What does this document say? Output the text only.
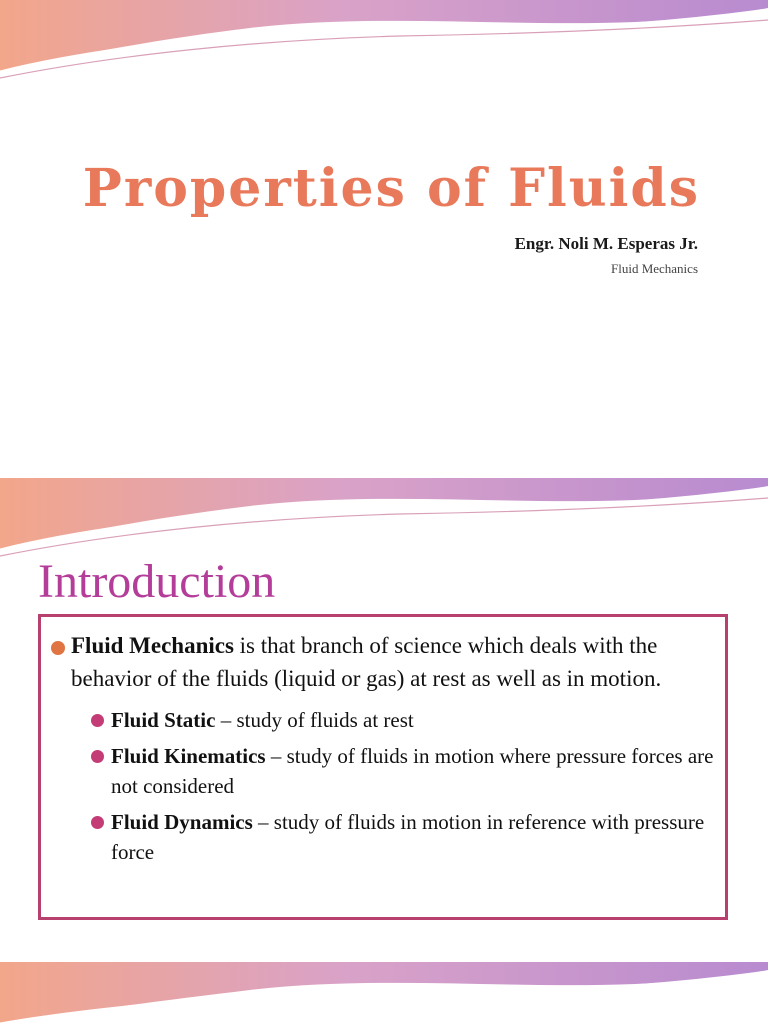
Properties of Fluids
Engr. Noli M. Esperas Jr.
Fluid Mechanics
Introduction
Fluid Mechanics is that branch of science which deals with the behavior of the fluids (liquid or gas) at rest as well as in motion.
Fluid Static – study of fluids at rest
Fluid Kinematics – study of fluids in motion where pressure forces are not considered
Fluid Dynamics – study of fluids in motion in reference with pressure force
